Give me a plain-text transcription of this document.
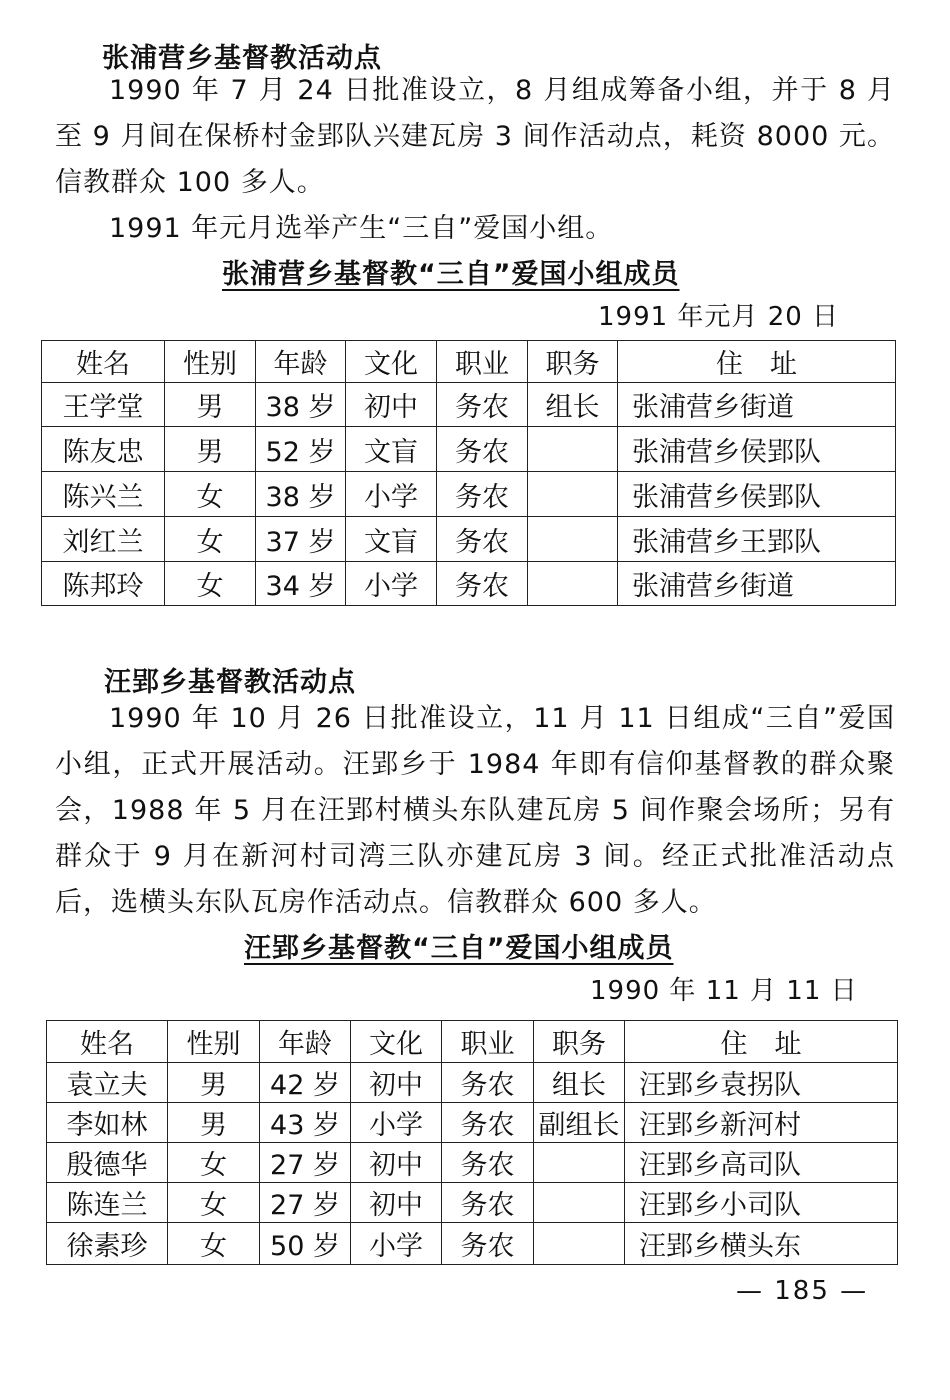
张浦营乡基督教活动点

1990 年 7 月 24 日批准设立，8 月组成筹备小组，并于 8 月至 9 月间在保桥村金郢队兴建瓦房 3 间作活动点，耗资 8000 元。信教群众 100 多人。

1991 年元月选举产生“三自”爱国小组。

张浦营乡基督教“三自”爱国小组成员
1991 年元月 20 日
姓名	性别	年龄	文化	职业	职务	住　址
王学堂	男	38 岁	初中	务农	组长	张浦营乡街道
陈友忠	男	52 岁	文盲	务农		张浦营乡侯郢队
陈兴兰	女	38 岁	小学	务农		张浦营乡侯郢队
刘红兰	女	37 岁	文盲	务农		张浦营乡王郢队
陈邦玲	女	34 岁	小学	务农		张浦营乡街道
汪郢乡基督教活动点

1990 年 10 月 26 日批准设立，11 月 11 日组成“三自”爱国小组，正式开展活动。汪郢乡于 1984 年即有信仰基督教的群众聚会，1988 年 5 月在汪郢村横头东队建瓦房 5 间作聚会场所；另有群众于 9 月在新河村司湾三队亦建瓦房 3 间。经正式批准活动点后，选横头东队瓦房作活动点。信教群众 600 多人。

汪郢乡基督教“三自”爱国小组成员
1990 年 11 月 11 日
姓名	性别	年龄	文化	职业	职务	住　址
袁立夫	男	42 岁	初中	务农	组长	汪郢乡袁拐队
李如林	男	43 岁	小学	务农	副组长	汪郢乡新河村
殷德华	女	27 岁	初中	务农		汪郢乡高司队
陈连兰	女	27 岁	初中	务农		汪郢乡小司队
徐素珍	女	50 岁	小学	务农		汪郢乡横头东
— 185 —
